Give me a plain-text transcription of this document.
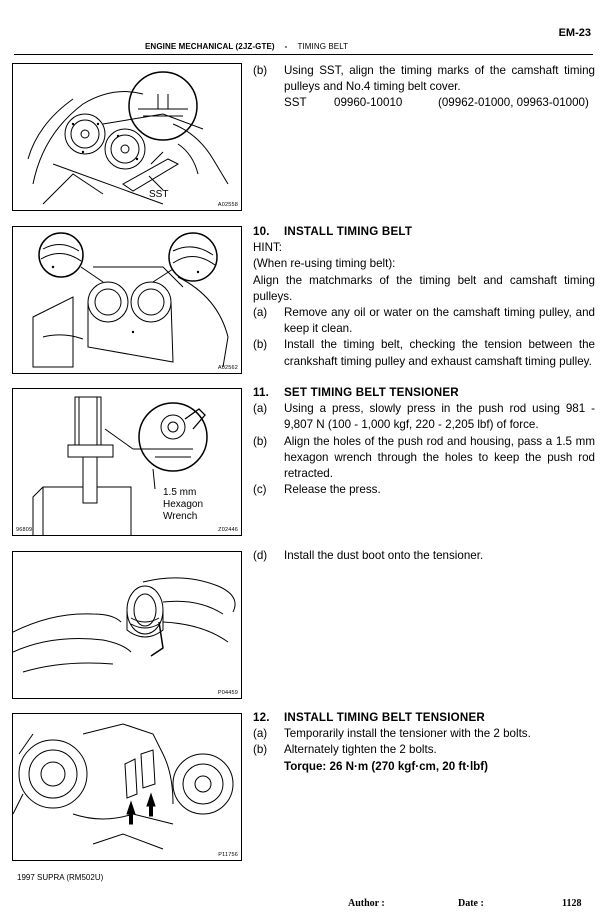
EM-23
ENGINE MECHANICAL (2JZ-GTE) - TIMING BELT
SST
A02558
A02562
1.5 mm
Hexagon
Wrench
96809	Z02446
P04459
P11756
(b)	Using SST, align the timing marks of the camshaft timing pulleys and No.4 timing belt cover.
SST	09960-10010	(09962-01000, 09963-01000)
10. INSTALL TIMING BELT
HINT:
(When re-using timing belt):
Align the matchmarks of the timing belt and camshaft timing pulleys.
(a)	Remove any oil or water on the camshaft timing pulley, and keep it clean.
(b)	Install the timing belt, checking the tension between the crankshaft timing pulley and exhaust camshaft timing pulley.
11. SET TIMING BELT TENSIONER
(a)	Using a press, slowly press in the push rod using 981 - 9,807 N (100 - 1,000 kgf, 220 - 2,205 lbf) of force.
(b)	Align the holes of the push rod and housing, pass a 1.5 mm hexagon wrench through the holes to keep the push rod retracted.
(c)	Release the press.
(d)	Install the dust boot onto the tensioner.
12. INSTALL TIMING BELT TENSIONER
(a)	Temporarily install the tensioner with the 2 bolts.
(b)	Alternately tighten the 2 bolts.
Torque: 26 N·m (270 kgf·cm, 20 ft·lbf)
1997 SUPRA (RM502U)
Author :	Date :	1128
